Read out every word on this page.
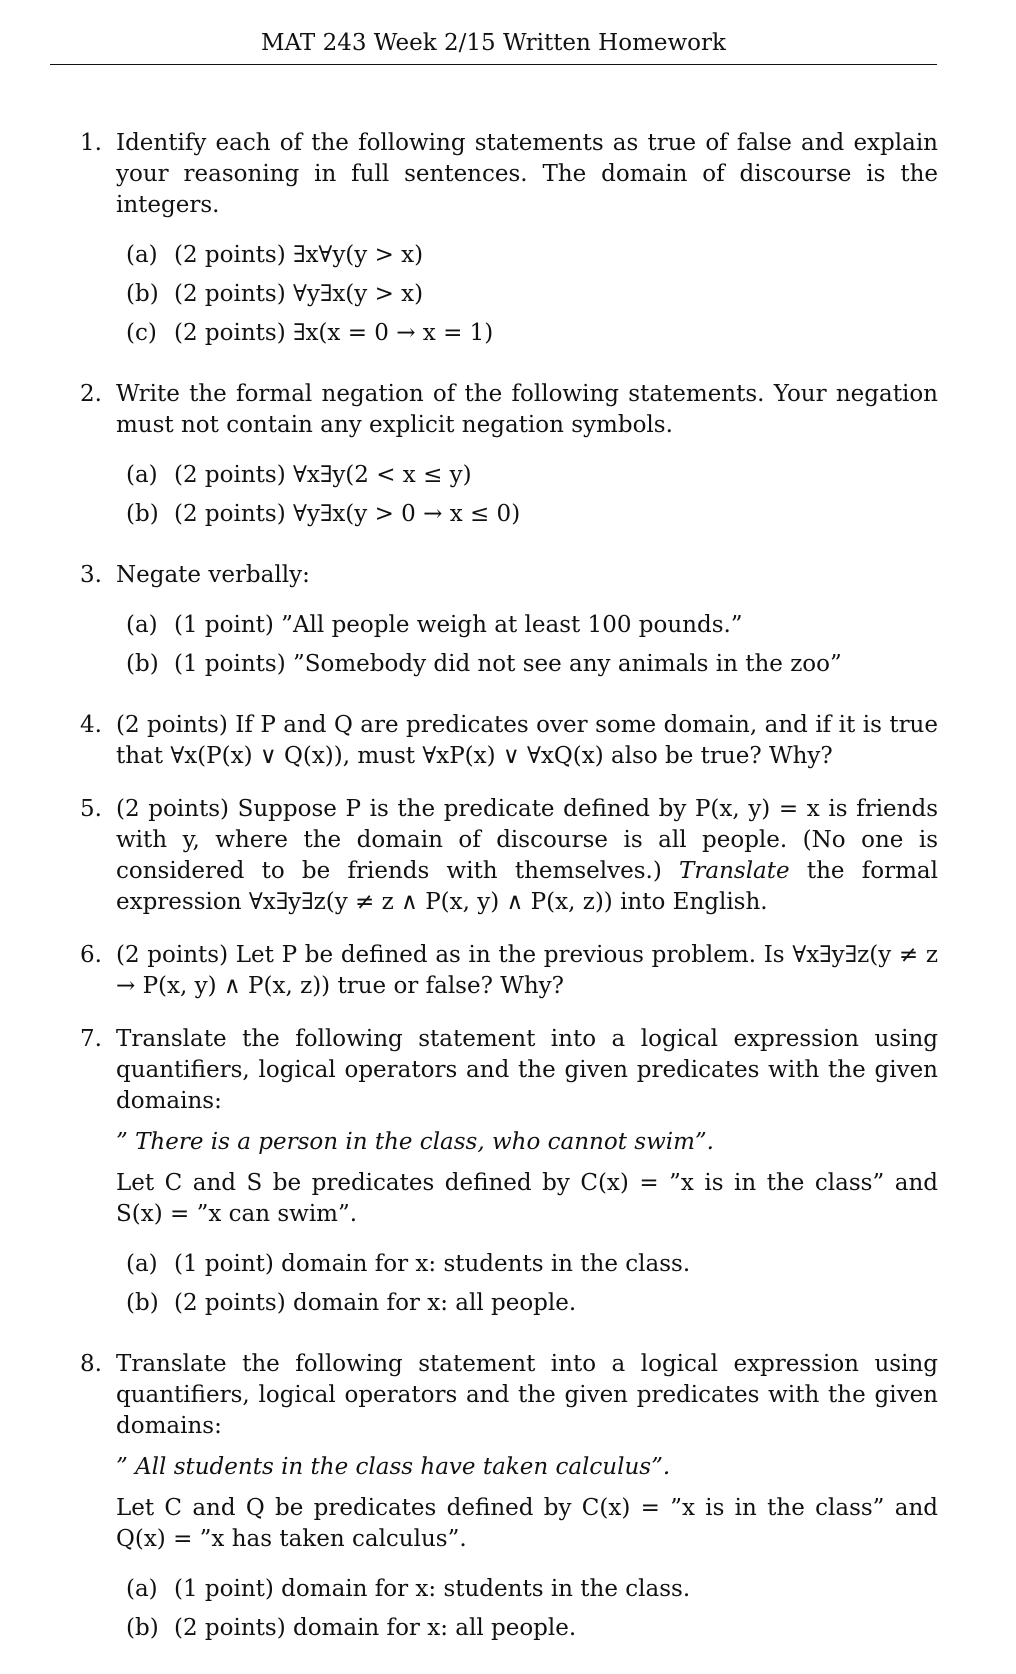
MAT 243 Week 2/15 Written Homework
1. Identify each of the following statements as true of false and explain your reasoning in full sentences. The domain of discourse is the integers.

(a) (2 points) ∃x∀y(y > x)
(b) (2 points) ∀y∃x(y > x)
(c) (2 points) ∃x(x = 0 → x = 1)
2. Write the formal negation of the following statements. Your negation must not contain any explicit negation symbols.

(a) (2 points) ∀x∃y(2 < x ≤ y)
(b) (2 points) ∀y∃x(y > 0 → x ≤ 0)
3. Negate verbally:

(a) (1 point) ”All people weigh at least 100 pounds.”
(b) (1 points) ”Somebody did not see any animals in the zoo”
4. (2 points) If P and Q are predicates over some domain, and if it is true that ∀x(P(x) ∨ Q(x)), must ∀xP(x) ∨ ∀xQ(x) also be true? Why?

5. (2 points) Suppose P is the predicate defined by P(x, y) = x is friends with y, where the domain of discourse is all people. (No one is considered to be friends with themselves.) Translate the formal expression ∀x∃y∃z(y ≠ z ∧ P(x, y) ∧ P(x, z)) into English.

6. (2 points) Let P be defined as in the previous problem. Is ∀x∃y∃z(y ≠ z → P(x, y) ∧ P(x, z)) true or false? Why?

7. Translate the following statement into a logical expression using quantifiers, logical operators and the given predicates with the given domains:

” There is a person in the class, who cannot swim”.

Let C and S be predicates defined by C(x) = ”x is in the class” and S(x) = ”x can swim”.

(a) (1 point) domain for x: students in the class.
(b) (2 points) domain for x: all people.
8. Translate the following statement into a logical expression using quantifiers, logical operators and the given predicates with the given domains:

” All students in the class have taken calculus”.

Let C and Q be predicates defined by C(x) = ”x is in the class” and Q(x) = ”x has taken calculus”.

(a) (1 point) domain for x: students in the class.
(b) (2 points) domain for x: all people.
